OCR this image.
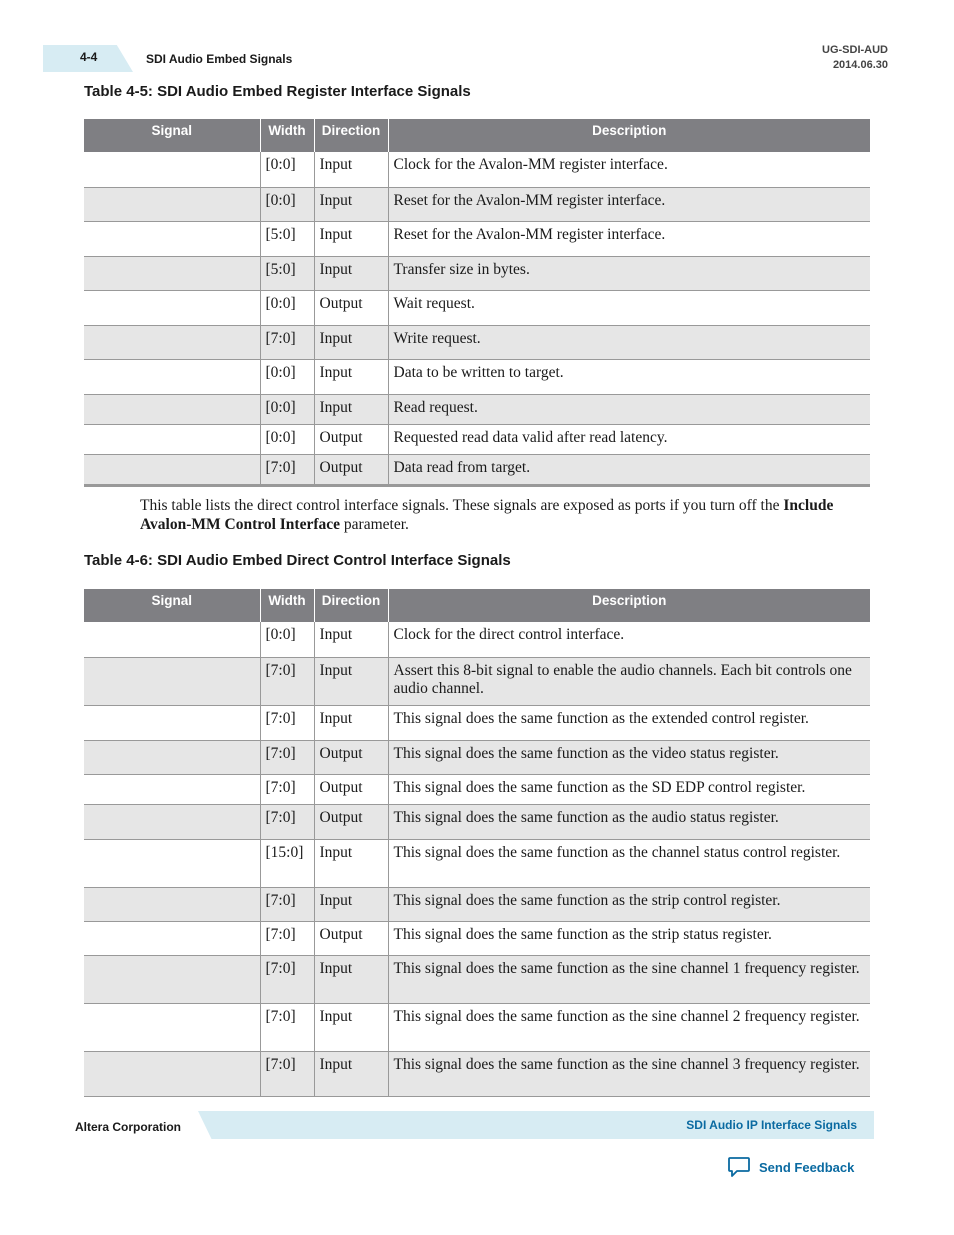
4-4	SDI Audio Embed Signals
UG-SDI-AUD
2014.06.30
Table 4-5: SDI Audio Embed Register Interface Signals
Signal	Width	Direction	Description
	[0:0]	Input	Clock for the Avalon-MM register interface.
	[0:0]	Input	Reset for the Avalon-MM register interface.
	[5:0]	Input	Reset for the Avalon-MM register interface.
	[5:0]	Input	Transfer size in bytes.
	[0:0]	Output	Wait request.
	[7:0]	Input	Write request.
	[0:0]	Input	Data to be written to target.
	[0:0]	Input	Read request.
	[0:0]	Output	Requested read data valid after read latency.
	[7:0]	Output	Data read from target.
This table lists the direct control interface signals. These signals are exposed as ports if you turn off the Include Avalon-MM Control Interface parameter.
Table 4-6: SDI Audio Embed Direct Control Interface Signals
Signal	Width	Direction	Description
	[0:0]	Input	Clock for the direct control interface.
	[7:0]	Input	Assert this 8-bit signal to enable the audio channels. Each bit controls one audio channel.
	[7:0]	Input	This signal does the same function as the extended control register.
	[7:0]	Output	This signal does the same function as the video status register.
	[7:0]	Output	This signal does the same function as the SD EDP control register.
	[7:0]	Output	This signal does the same function as the audio status register.
	[15:0]	Input	This signal does the same function as the channel status control register.
	[7:0]	Input	This signal does the same function as the strip control register.
	[7:0]	Output	This signal does the same function as the strip status register.
	[7:0]	Input	This signal does the same function as the sine channel 1 frequency register.
	[7:0]	Input	This signal does the same function as the sine channel 2 frequency register.
	[7:0]	Input	This signal does the same function as the sine channel 3 frequency register.
Altera Corporation	SDI Audio IP Interface Signals
Send Feedback
